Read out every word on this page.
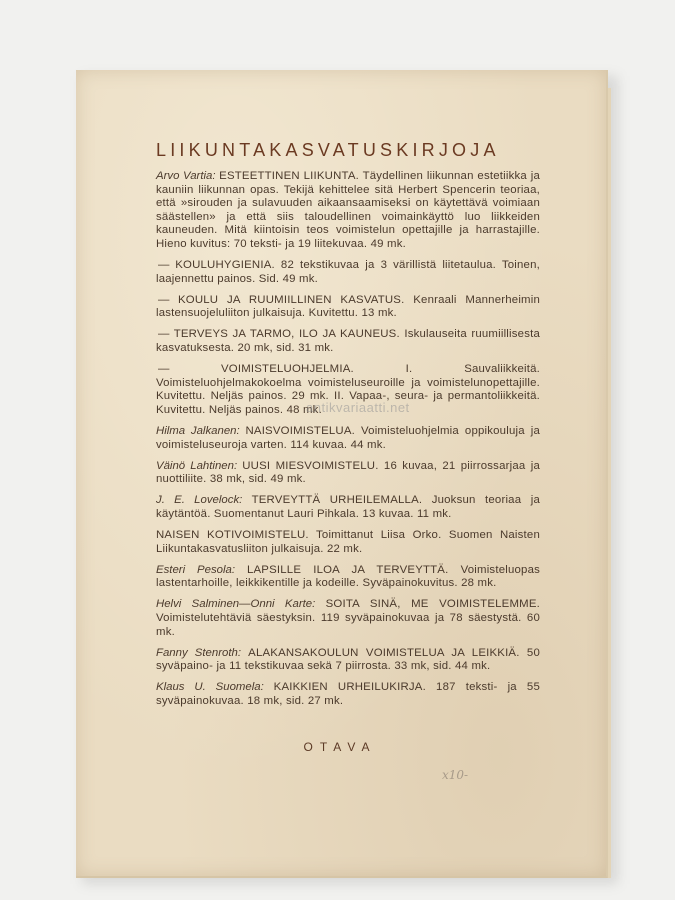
LIIKUNTAKASVATUSKIRJOJA
Arvo Vartia: ESTEETTINEN LIIKUNTA. Täydellinen liikunnan estetiikka ja kauniin liikunnan opas. Tekijä kehittelee sitä Herbert Spencerin teoriaa, että »sirouden ja sulavuuden aikaansaamiseksi on käytettävä voimiaan säästellen» ja että siis taloudellinen voimainkäyttö luo liikkeiden kauneuden. Mitä kiintoisin teos voimistelun opettajille ja harrastajille. Hieno kuvitus: 70 teksti- ja 19 liitekuvaa. 49 mk.
— KOULUHYGIENIA. 82 tekstikuvaa ja 3 värillistä liitetaulua. Toinen, laajennettu painos. Sid. 49 mk.
— KOULU JA RUUMIILLINEN KASVATUS. Kenraali Mannerheimin lastensuojeluliiton julkaisuja. Kuvitettu. 13 mk.
— TERVEYS JA TARMO, ILO JA KAUNEUS. Iskulauseita ruumiillisesta kasvatuksesta. 20 mk, sid. 31 mk.
—	VOIMISTELUOHJELMIA. I. Sauvaliikkeitä. Voimisteluohjelmakokoelma voimisteluseuroille ja voimistelunopettajille. Kuvitettu. Neljäs painos. 29 mk. II. Vapaa-, seura- ja permantoliikkeitä. Kuvitettu. Neljäs painos. 48 mk.
Hilma Jalkanen: NAISVOIMISTELUA. Voimisteluohjelmia oppikouluja ja voimisteluseuroja varten. 114 kuvaa. 44 mk.
Väinö Lahtinen: UUSI MIESVOIMISTELU. 16 kuvaa, 21 piirrossarjaa ja nuottiliite. 38 mk, sid. 49 mk.
J. E. Lovelock: TERVEYTTÄ URHEILEMALLA. Juoksun teoriaa ja käytäntöä. Suomentanut Lauri Pihkala. 13 kuvaa. 11 mk.
NAISEN KOTIVOIMISTELU. Toimittanut Liisa Orko. Suomen Naisten Liikuntakasvatusliiton julkaisuja. 22 mk.
Esteri Pesola: LAPSILLE ILOA JA TERVEYTTÄ. Voimisteluopas lastentarhoille, leikkikentille ja kodeille. Syväpainokuvitus. 28 mk.
Helvi Salminen—Onni Karte: SOITA SINÄ, ME VOIMISTELEMME. Voimistelutehtäviä säestyksin. 119 syväpainokuvaa ja 78 säestystä. 60 mk.
Fanny Stenroth: ALAKANSAKOULUN VOIMISTELUA JA LEIKKIÄ. 50 syväpaino- ja 11 tekstikuvaa sekä 7 piirrosta. 33 mk, sid. 44 mk.
Klaus U. Suomela: KAIKKIEN URHEILUKIRJA. 187 teksti- ja 55 syväpainokuvaa. 18 mk, sid. 27 mk.
antikvariaatti.net
OTAVA
x10-
